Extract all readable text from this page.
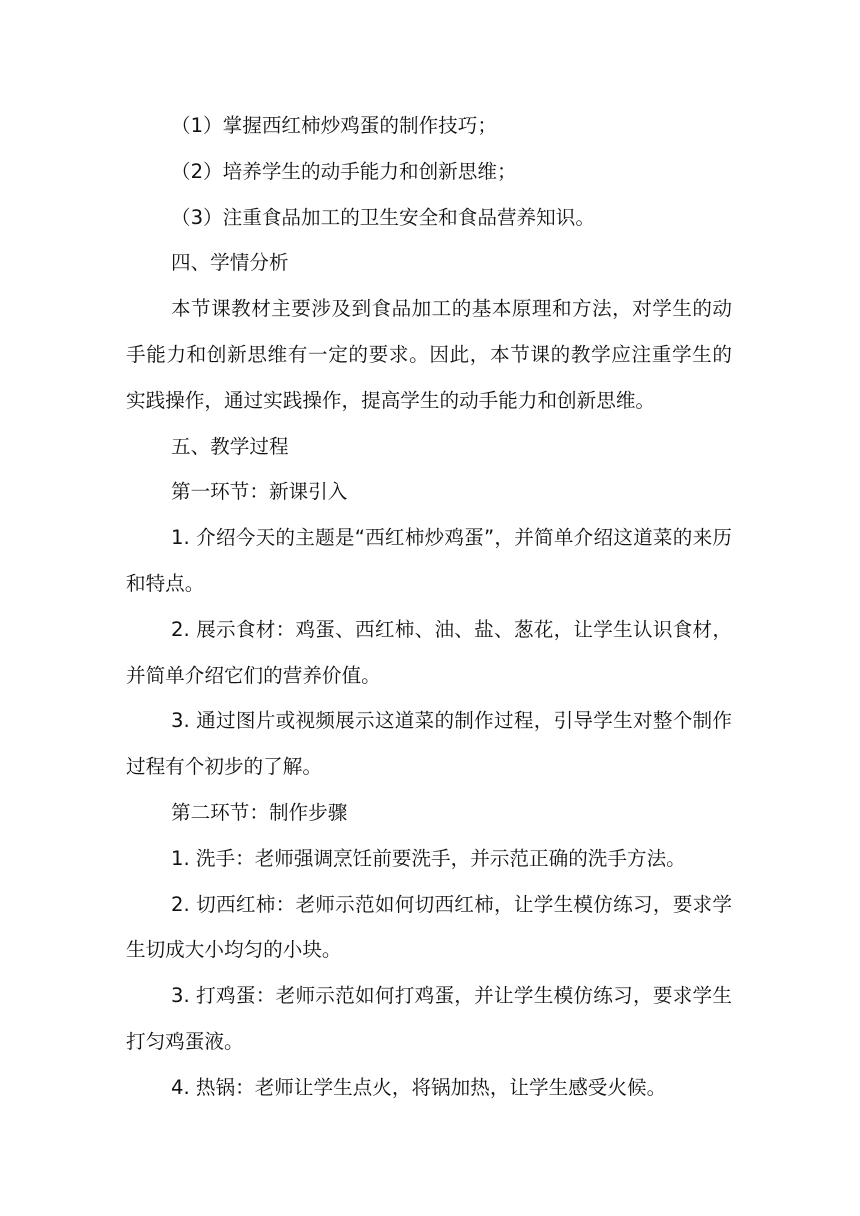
（1）掌握西红柿炒鸡蛋的制作技巧；

（2）培养学生的动手能力和创新思维；

（3）注重食品加工的卫生安全和食品营养知识。

四、学情分析

本节课教材主要涉及到食品加工的基本原理和方法，对学生的动手能力和创新思维有一定的要求。因此，本节课的教学应注重学生的实践操作，通过实践操作，提高学生的动手能力和创新思维。

五、教学过程

第一环节：新课引入

1. 介绍今天的主题是“西红柿炒鸡蛋”，并简单介绍这道菜的来历和特点。

2. 展示食材：鸡蛋、西红柿、油、盐、葱花，让学生认识食材，并简单介绍它们的营养价值。

3. 通过图片或视频展示这道菜的制作过程，引导学生对整个制作过程有个初步的了解。

第二环节：制作步骤

1. 洗手：老师强调烹饪前要洗手，并示范正确的洗手方法。

2. 切西红柿：老师示范如何切西红柿，让学生模仿练习，要求学生切成大小均匀的小块。

3. 打鸡蛋：老师示范如何打鸡蛋，并让学生模仿练习，要求学生打匀鸡蛋液。

4. 热锅：老师让学生点火，将锅加热，让学生感受火候。
